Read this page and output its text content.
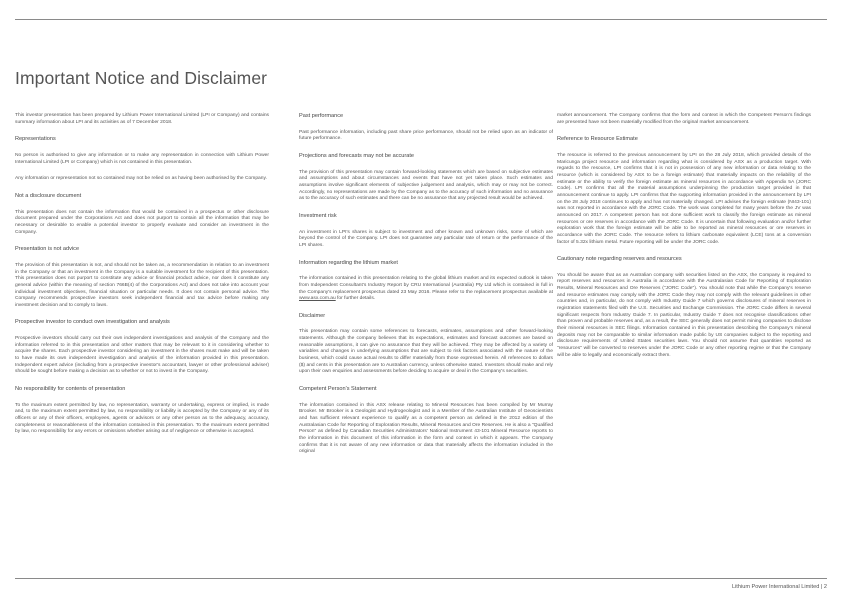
Important Notice and Disclaimer

This investor presentation has been prepared by Lithium Power International Limited (LPI or Company) and contains summary information about LPI and its activities as of 7 December 2018.

Representations

No person is authorised to give any information or to make any representation in connection with Lithium Power International Limited (LPI or Company) which is not contained in this presentation.

Any information or representation not so contained may not be relied on as having been authorised by the Company.

Not a disclosure document

This presentation does not contain the information that would be contained in a prospectus or other disclosure document prepared under the Corporations Act and does not purport to contain all the information that may be necessary or desirable to enable a potential investor to properly evaluate and consider an investment in the Company.

Presentation is not advice

The provision of this presentation is not, and should not be taken as, a recommendation in relation to an investment in the Company or that an investment in the Company is a suitable investment for the recipient of this presentation. This presentation does not purport to constitute any advice or financial product advice, nor does it constitute any general advice (within the meaning of section 766B(4) of the Corporations Act) and does not take into account your individual investment objectives, financial situation or particular needs. It does not contain personal advice. The Company recommends prospective investors seek independent financial and tax advice before making any investment decision and to comply to laws.

Prospective investor to conduct own investigation and analysis

Prospective investors should carry out their own independent investigations and analysis of the Company and the information referred to in this presentation and other matters that may be relevant to it in considering whether to acquire the shares. Each prospective investor considering an investment in the shares must make and will be taken to have made its own independent investigation and analysis of the information provided in this presentation. Independent expert advice (including from a prospective investor's accountant, lawyer or other professional adviser) should be sought before making a decision as to whether or not to invest in the Company.

No responsibility for contents of presentation

To the maximum extent permitted by law, no representation, warranty or undertaking, express or implied, is made and, to the maximum extent permitted by law, no responsibility or liability is accepted by the Company or any of its officers or any of their officers, employees, agents or advisors or any other person as to the adequacy, accuracy, completeness or reasonableness of the information contained in this presentation. To the maximum extent permitted by law, no responsibility for any errors or omissions whether arising out of negligence or otherwise is accepted.

Past performance

Past performance information, including past share price performance, should not be relied upon as an indicator of future performance.

Projections and forecasts may not be accurate

The provision of this presentation may contain forward-looking statements which are based on subjective estimates and assumptions and about circumstances and events that have not yet taken place. Such estimates and assumptions involve significant elements of subjective judgement and analysis, which may or may not be correct. Accordingly, no representations are made by the Company as to the accuracy of such information and no assurance as to the accuracy of such estimates and there can be no assurance that any projected result would be achieved.

Investment risk

An investment in LPI's shares is subject to investment and other known and unknown risks, some of which are beyond the control of the Company. LPI does not guarantee any particular rate of return or the performance of the LPI shares.

Information regarding the lithium market

The information contained in this presentation relating to the global lithium market and its expected outlook is taken from Independent Consultant's Industry Report by CRU International (Australia) Pty Ltd which is contained in full in the Company's replacement prospectus dated 23 May 2016. Please refer to the replacement prospectus available at www.asx.com.au for further details.

Disclaimer

This presentation may contain some references to forecasts, estimates, assumptions and other forward-looking statements. Although the company believes that its expectations, estimates and forecast outcomes are based on reasonable assumptions, it can give no assurance that they will be achieved. They may be affected by a variety of variables and changes in underlying assumptions that are subject to risk factors associated with the nature of the business, which could cause actual results to differ materially from those expressed herein. All references to dollars ($) and cents in this presentation are to Australian currency, unless otherwise stated. Investors should make and rely upon their own enquiries and assessments before deciding to acquire or deal in the Company's securities.

Competent Person's Statement

The information contained in this ASX release relating to Mineral Resources has been compiled by Mr Murray Brooker. Mr Brooker is a Geologist and Hydrogeologist and is a Member of the Australian Institute of Geoscientists and has sufficient relevant experience to qualify as a competent person as defined in the 2012 edition of the Australasian Code for Reporting of Exploration Results, Mineral Resources and Ore Reserves. He is also a "Qualified Person" as defined by Canadian Securities Administrators' National Instrument 43-101 Mineral Resource reports to the information in this document of this information in the form and context in which it appears. The Company confirms that it is not aware of any new information or data that materially affects the information included in the original

market announcement. The Company confirms that the form and context in which the Competent Person's findings are presented have not been materially modified from the original market announcement.

Reference to Resource Estimate

The resource is referred to the previous announcement by LPI on the 28 July 2018, which provided details of the Maricunga project resource and information regarding what is considered by ASX as a production target. With regards to the resource, LPI confirms that it is not in possession of any new information or data relating to the resource (which is considered by ASX to be a foreign estimate) that materially impacts on the reliability of the estimate or the ability to verify the foreign estimate as mineral resources in accordance with Appendix 5A (JORC Code). LPI confirms that all the material assumptions underpinning the production target provided in that announcement continue to apply. LPI confirms that the supporting information provided in the announcement by LPI on the 28 July 2018 continues to apply and has not materially changed. LPI advises the foreign estimate (NI43-101) was not reported in accordance with the JORC Code. The work was completed for many years before the JV was announced on 2017. A competent person has not done sufficient work to classify the foreign estimate as mineral resources or ore reserves in accordance with the JORC Code. It is uncertain that following evaluation and/or further exploration work that the foreign estimate will be able to be reported as mineral resources or ore reserves in accordance with the JORC Code. The resource refers to lithium carbonate equivalent (LCE) tons at a conversion factor of 5.32x lithium metal. Future reporting will be under the JORC code.

Cautionary note regarding reserves and resources

You should be aware that as an Australian company with securities listed on the ASX, the Company is required to report reserves and resources in Australia in accordance with the Australasian Code for Reporting of Exploration Results, Mineral Resources and Ore Reserves ("JORC Code"). You should note that while the Company's reserve and resource estimates may comply with the JORC Code they may not comply with the relevant guidelines in other countries and, in particular, do not comply with Industry Guide 7 which governs disclosures of mineral reserves in registration statements filed with the U.S. Securities and Exchange Commission. The JORC Code differs in several significant respects from Industry Guide 7. In particular, Industry Guide 7 does not recognise classifications other than proven and probable reserves and, as a result, the SEC generally does not permit mining companies to disclose their mineral resources in SEC filings. Information contained in this presentation describing the Company's mineral deposits may not be comparable to similar information made public by US companies subject to the reporting and disclosure requirements of United States securities laws. You should not assume that quantities reported as "resources" will be converted to reserves under the JORC Code or any other reporting regime or that the Company will be able to legally and economically extract them.

Lithium Power International Limited | 2
